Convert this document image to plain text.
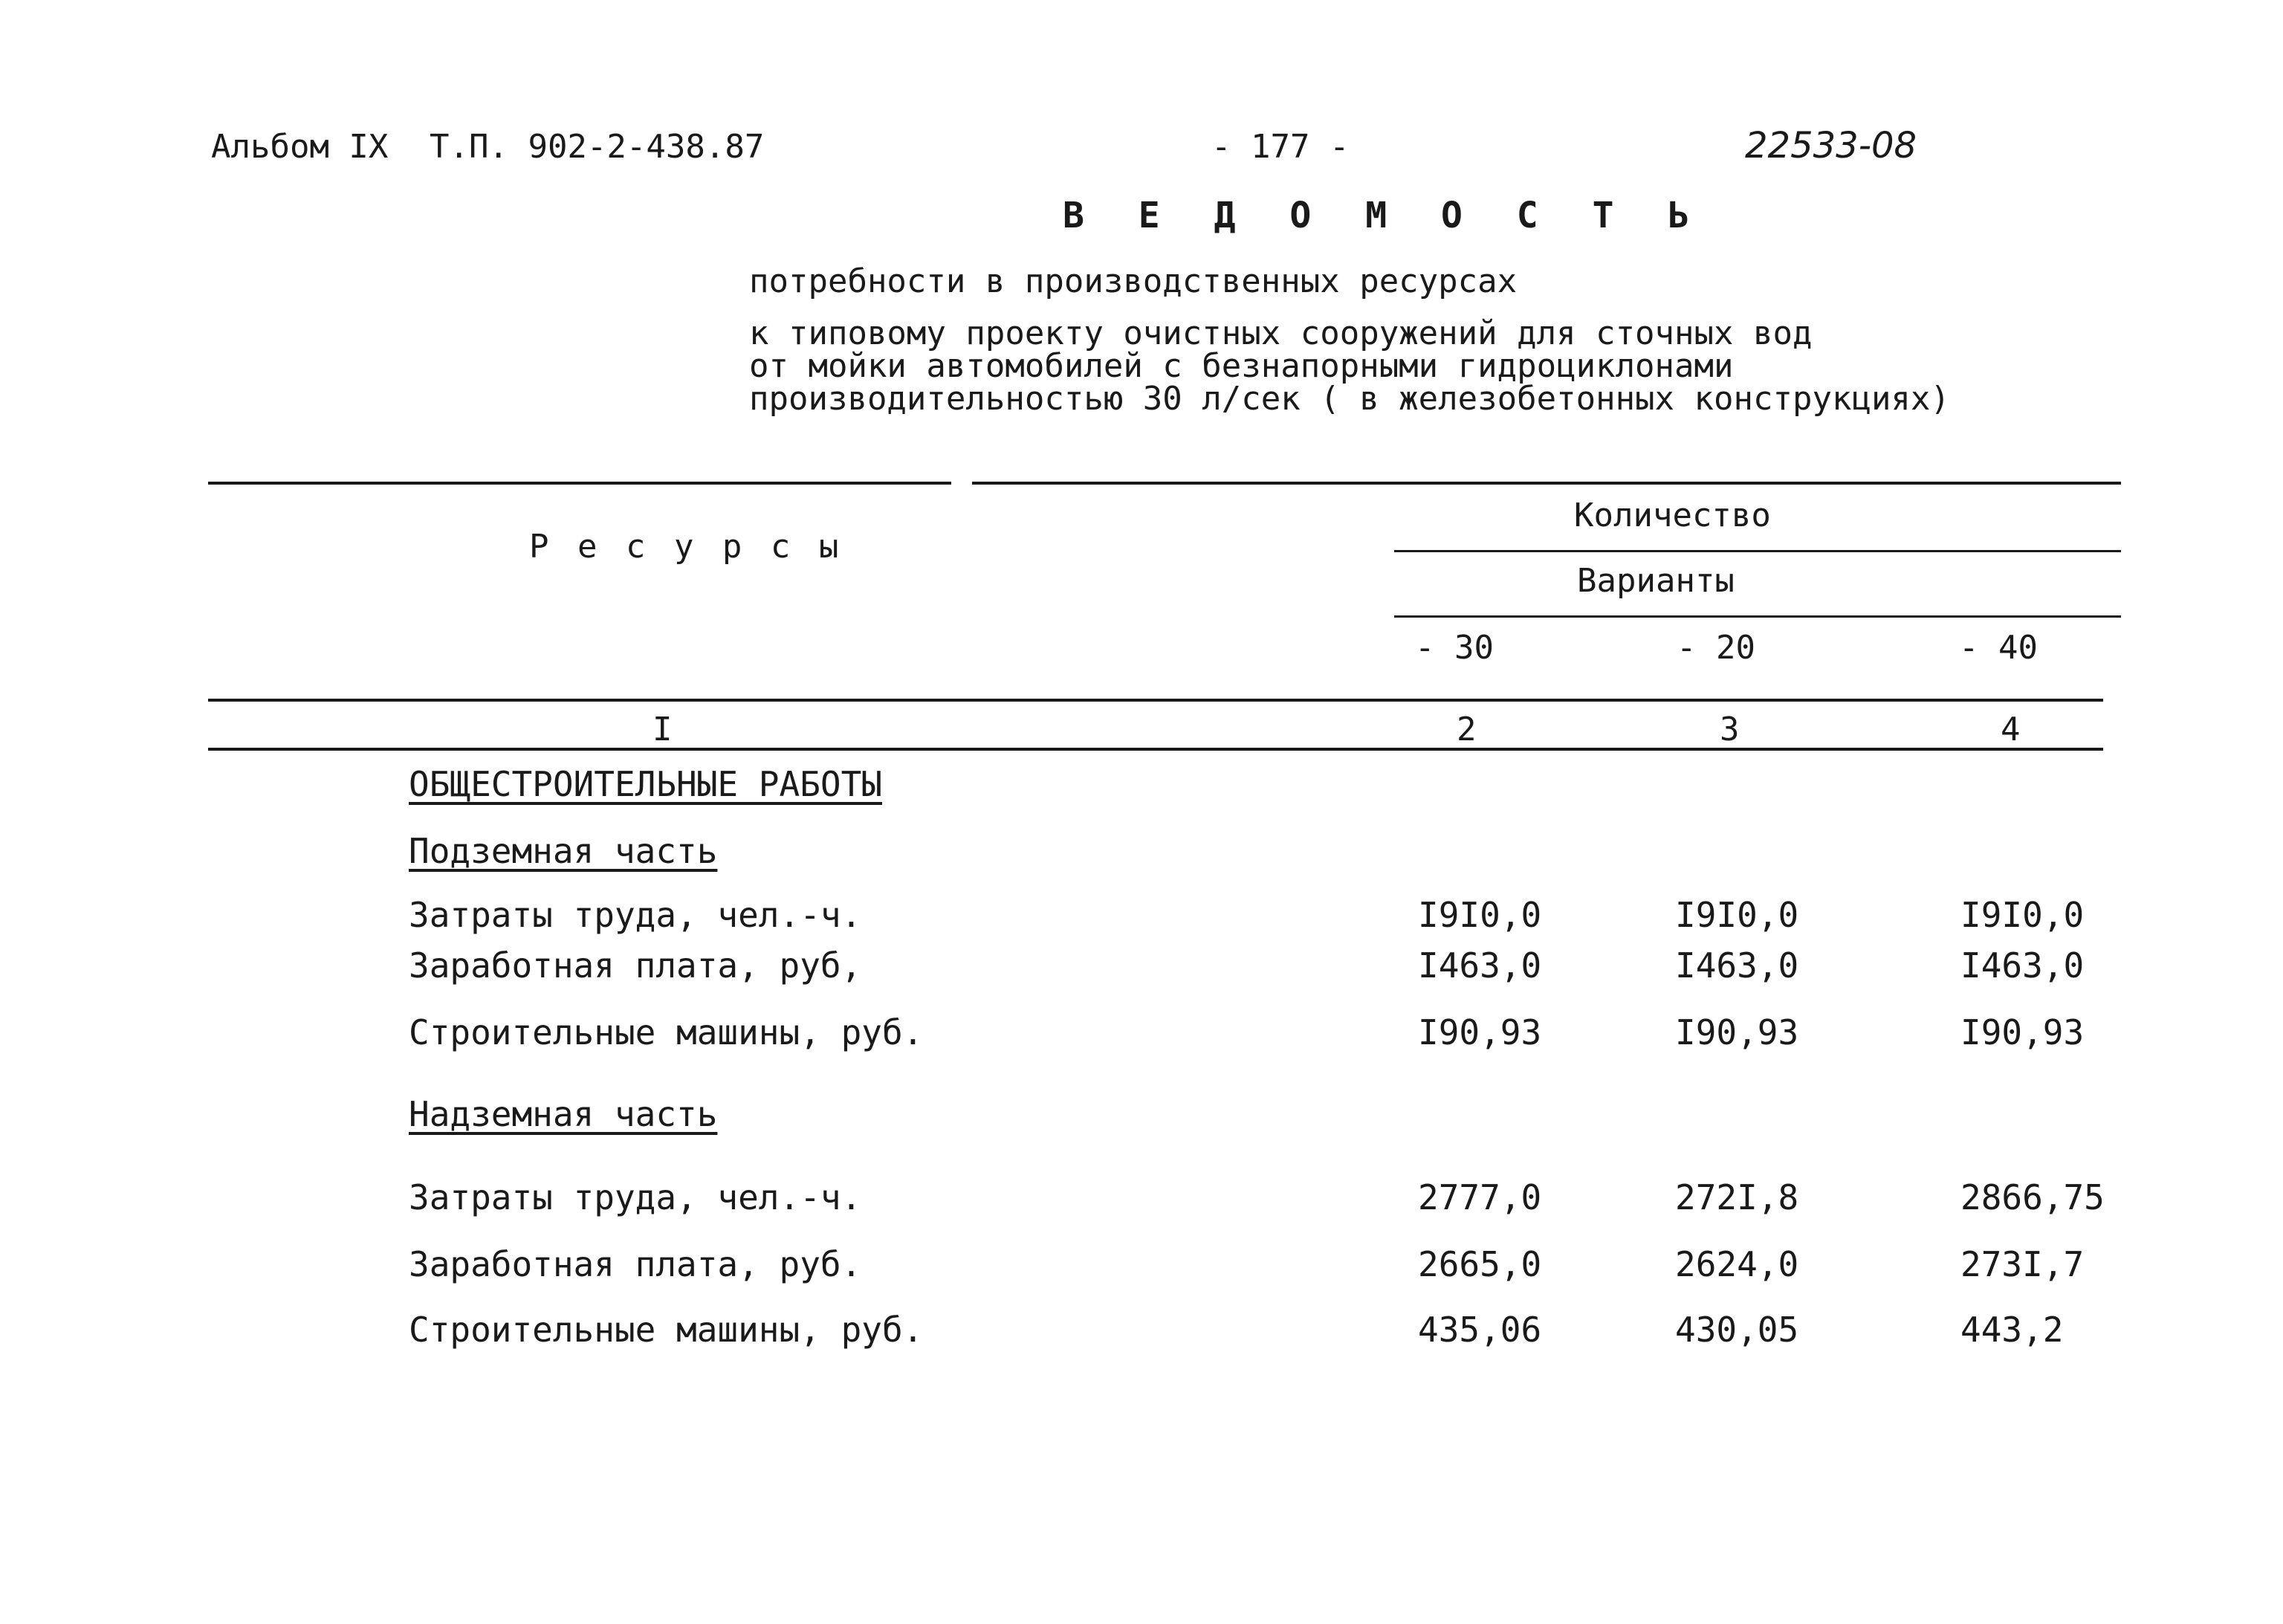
Альбом IX Т.П. 902-2-438.87	- 177 -	22533-08
В Е Д О М О С Т Ь
потребности в производственных ресурсах
к типовому проекту очистных сооружений для сточных вод
от мойки автомобилей с безнапорными гидроциклонами
производительностью 30 л/сек ( в железобетонных конструкциях)
Р е с у р с ы
Количество
Варианты
- 30	- 20	- 40
I	2	3	4
ОБЩЕСТРОИТЕЛЬНЫЕ РАБОТЫ
Подземная часть
Затраты труда, чел.-ч.	I9I0,0	I9I0,0	I9I0,0
Заработная плата, руб,	I463,0	I463,0	I463,0
Строительные машины, руб.	I90,93	I90,93	I90,93
Надземная часть
Затраты труда, чел.-ч.	2777,0	272I,8	2866,75
Заработная плата, руб.	2665,0	2624,0	273I,7
Строительные машины, руб.	435,06	430,05	443,2
